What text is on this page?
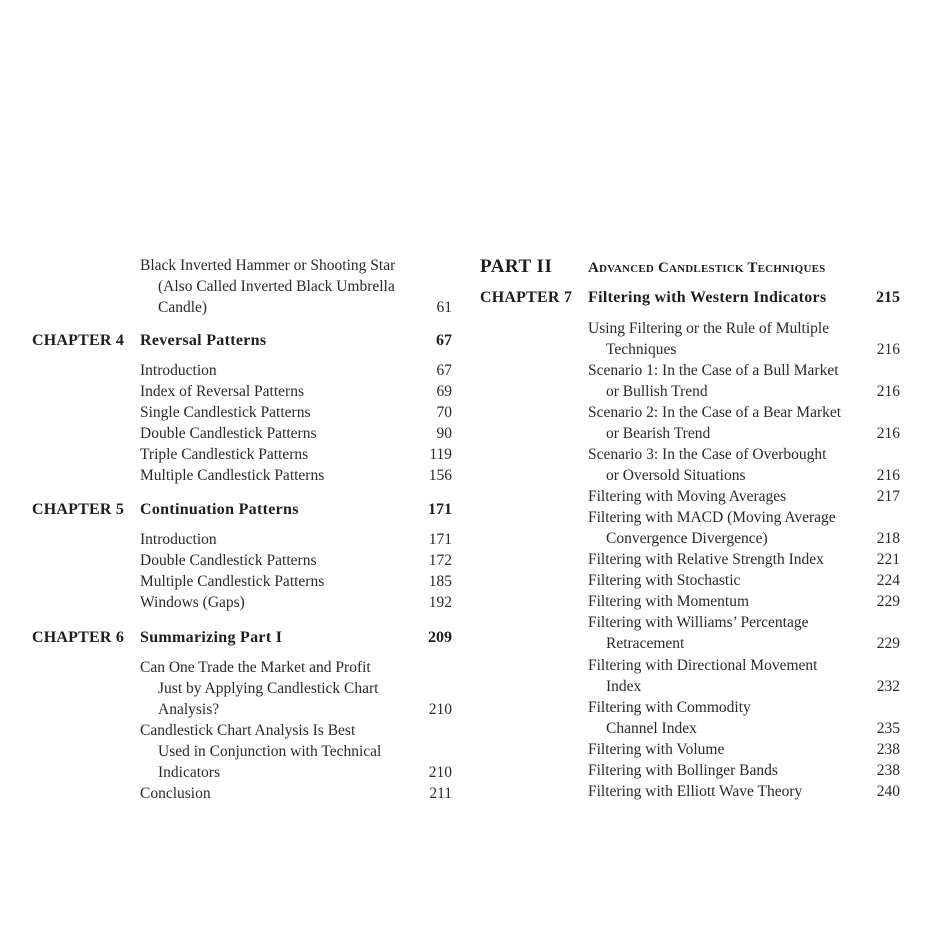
Black Inverted Hammer or Shooting Star
(Also Called Inverted Black Umbrella
Candle)	61
CHAPTER 4 Reversal Patterns	67
Introduction	67
Index of Reversal Patterns	69
Single Candlestick Patterns	70
Double Candlestick Patterns	90
Triple Candlestick Patterns	119
Multiple Candlestick Patterns	156
CHAPTER 5 Continuation Patterns	171
Introduction	171
Double Candlestick Patterns	172
Multiple Candlestick Patterns	185
Windows (Gaps)	192
CHAPTER 6 Summarizing Part I	209
Can One Trade the Market and Profit
Just by Applying Candlestick Chart
Analysis?	210
Candlestick Chart Analysis Is Best
Used in Conjunction with Technical
Indicators	210
Conclusion	211
PART II Advanced Candlestick Techniques
CHAPTER 7 Filtering with Western Indicators	215
Using Filtering or the Rule of Multiple
Techniques	216
Scenario 1: In the Case of a Bull Market
or Bullish Trend	216
Scenario 2: In the Case of a Bear Market
or Bearish Trend	216
Scenario 3: In the Case of Overbought
or Oversold Situations	216
Filtering with Moving Averages	217
Filtering with MACD (Moving Average
Convergence Divergence)	218
Filtering with Relative Strength Index	221
Filtering with Stochastic	224
Filtering with Momentum	229
Filtering with Williams’ Percentage
Retracement	229
Filtering with Directional Movement
Index	232
Filtering with Commodity
Channel Index	235
Filtering with Volume	238
Filtering with Bollinger Bands	238
Filtering with Elliott Wave Theory	240
